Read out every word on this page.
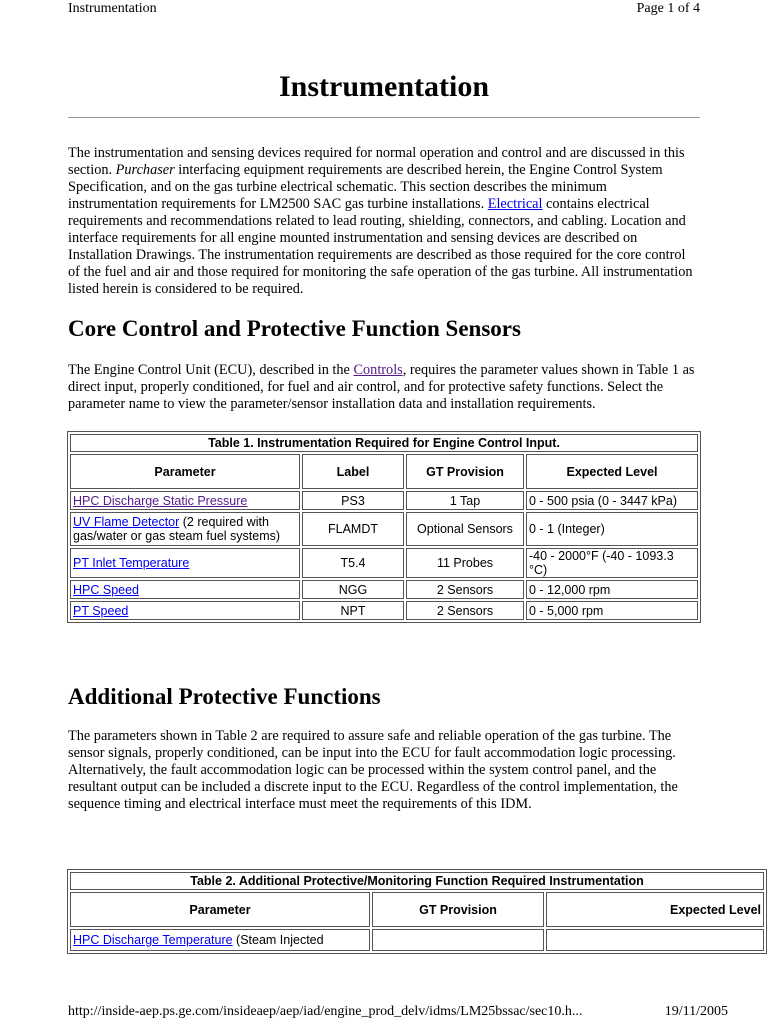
Instrumentation	Page 1 of 4
Instrumentation

The instrumentation and sensing devices required for normal operation and control and are discussed in this section. Purchaser interfacing equipment requirements are described herein, the Engine Control System Specification, and on the gas turbine electrical schematic. This section describes the minimum instrumentation requirements for LM2500 SAC gas turbine installations. Electrical contains electrical requirements and recommendations related to lead routing, shielding, connectors, and cabling. Location and interface requirements for all engine mounted instrumentation and sensing devices are described on Installation Drawings. The instrumentation requirements are described as those required for the core control of the fuel and air and those required for monitoring the safe operation of the gas turbine. All instrumentation listed herein is considered to be required.

Core Control and Protective Function Sensors

The Engine Control Unit (ECU), described in the Controls, requires the parameter values shown in Table 1 as direct input, properly conditioned, for fuel and air control, and for protective safety functions. Select the parameter name to view the parameter/sensor installation data and installation requirements.

Table 1. Instrumentation Required for Engine Control Input.			
Parameter	Label	GT Provision	Expected Level
HPC Discharge Static Pressure	PS3	1 Tap	0 - 500 psia (0 - 3447 kPa)
UV Flame Detector (2 required with gas/water or gas steam fuel systems)	FLAMDT	Optional Sensors	0 - 1 (Integer)
PT Inlet Temperature	T5.4	11 Probes	-40 - 2000°F (-40 - 1093.3 °C)
HPC Speed	NGG	2 Sensors	0 - 12,000 rpm
PT Speed	NPT	2 Sensors	0 - 5,000 rpm
Additional Protective Functions

The parameters shown in Table 2 are required to assure safe and reliable operation of the gas turbine. The sensor signals, properly conditioned, can be input into the ECU for fault accommodation logic processing. Alternatively, the fault accommodation logic can be processed within the system control panel, and the resultant output can be included a discrete input to the ECU. Regardless of the control implementation, the sequence timing and electrical interface must meet the requirements of this IDM.

Table 2. Additional Protective/Monitoring Function Required Instrumentation		
Parameter	GT Provision	Expected Level
HPC Discharge Temperature (Steam Injected		
http://inside-aep.ps.ge.com/insideaep/aep/iad/engine_prod_delv/idms/LM25bssac/sec10.h...	19/11/2005
